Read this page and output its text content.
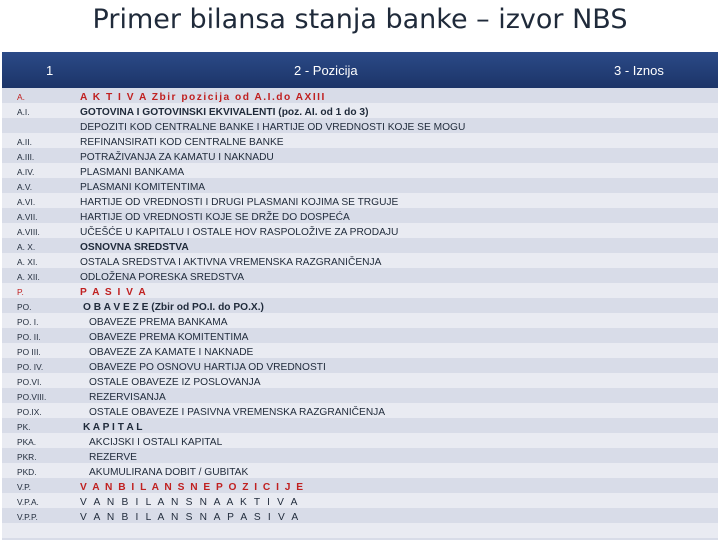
Primer bilansa stanja banke – izvor NBS
1	2 - Pozicija	3 - Iznos
A.
A.I.
A.II.
A.III.
A.IV.
A.V.
A.VI.
A.VII.
A.VIII.
A. X.
A. XI.
A. XII.
P.
PO.
PO. I.
PO. II.
PO III.
PO. IV.
PO.VI.
PO.VIII.
PO.IX.
PK.
PKA.
PKR.
PKD.
V.P.
V.P.A.
V.P.P.
A K T I V A Zbir pozicija od A.I.do AXIII
GOTOVINA I GOTOVINSKI EKVIVALENTI (poz. AI. od 1 do 3)
DEPOZITI KOD CENTRALNE BANKE I HARTIJE OD VREDNOSTI KOJE SE MOGU
REFINANSIRATI KOD CENTRALNE BANKE
POTRAŽIVANJA ZA KAMATU I NAKNADU
PLASMANI BANKAMA
PLASMANI KOMITENTIMA
HARTIJE OD VREDNOSTI I DRUGI PLASMANI KOJIMA SE TRGUJE
HARTIJE OD VREDNOSTI KOJE SE DRŽE DO DOSPEĆA
UČEŠĆE U KAPITALU I OSTALE HOV RASPOLOŽIVE ZA PRODAJU
OSNOVNA SREDSTVA
OSTALA SREDSTVA I AKTIVNA VREMENSKA RAZGRANIČENJA
ODLOŽENA PORESKA SREDSTVA
P A S I V A
O B A V E Z E (Zbir od PO.I. do PO.X.)
OBAVEZE PREMA BANKAMA
OBAVEZE PREMA KOMITENTIMA
OBAVEZE ZA KAMATE I NAKNADE
OBAVEZE PO OSNOVU HARTIJA OD VREDNOSTI
OSTALE OBAVEZE IZ POSLOVANJA
REZERVISANJA
OSTALE OBAVEZE I PASIVNA VREMENSKA RAZGRANIČENJA
K A P I T A L
AKCIJSKI I OSTALI KAPITAL
REZERVE
AKUMULIRANA DOBIT / GUBITAK
V A N B I L A N S N E P O Z I C I J E
V A N B I L A N S N A A K T I V A
V A N B I L A N S N A P A S I V A
